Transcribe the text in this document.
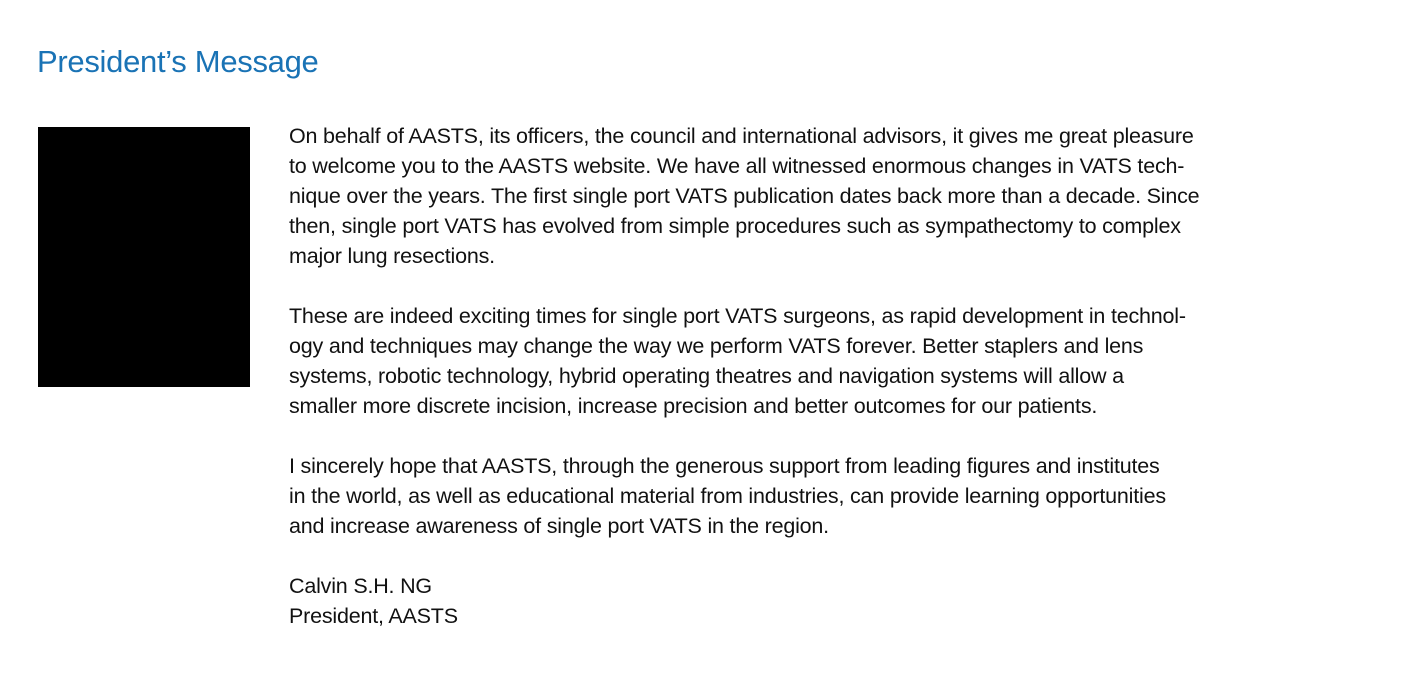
President’s Message
On behalf of AASTS, its officers, the council and international advisors, it gives me great pleasure
to welcome you to the AASTS website. We have all witnessed enormous changes in VATS tech-
nique over the years. The first single port VATS publication dates back more than a decade. Since
then, single port VATS has evolved from simple procedures such as sympathectomy to complex
major lung resections.
These are indeed exciting times for single port VATS surgeons, as rapid development in technol-
ogy and techniques may change the way we perform VATS forever. Better staplers and lens
systems, robotic technology, hybrid operating theatres and navigation systems will allow a
smaller more discrete incision, increase precision and better outcomes for our patients.
I sincerely hope that AASTS, through the generous support from leading figures and institutes
in the world, as well as educational material from industries, can provide learning opportunities
and increase awareness of single port VATS in the region.
Calvin S.H. NG
President, AASTS
